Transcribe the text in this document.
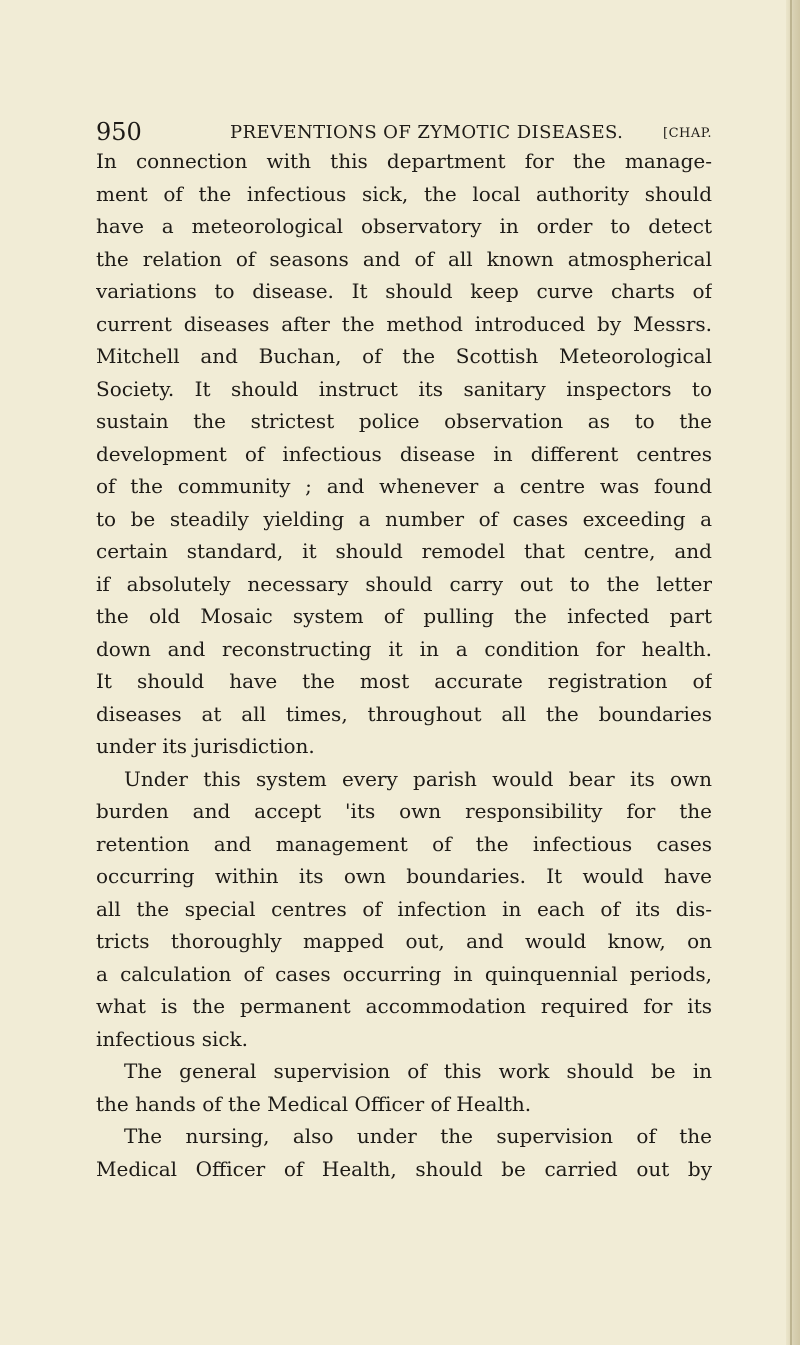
950	PREVENTIONS OF ZYMOTIC DISEASES.	[CHAP.
In connection with this department for the manage-
ment of the infectious sick, the local authority should
have a meteorological observatory in order to detect
the relation of seasons and of all known atmospherical
variations to disease. It should keep curve charts of
current diseases after the method introduced by Messrs.
Mitchell and Buchan, of the Scottish Meteorological
Society. It should instruct its sanitary inspectors to
sustain the strictest police observation as to the
development of infectious disease in different centres
of the community ; and whenever a centre was found
to be steadily yielding a number of cases exceeding a
certain standard, it should remodel that centre, and
if absolutely necessary should carry out to the letter
the old Mosaic system of pulling the infected part
down and reconstructing it in a condition for health.
It should have the most accurate registration of
diseases at all times, throughout all the boundaries
under its jurisdiction.
Under this system every parish would bear its own
burden and accept 'its own responsibility for the
retention and management of the infectious cases
occurring within its own boundaries. It would have
all the special centres of infection in each of its dis-
tricts thoroughly mapped out, and would know, on
a calculation of cases occurring in quinquennial periods,
what is the permanent accommodation required for its
infectious sick.
The general supervision of this work should be in
the hands of the Medical Officer of Health.
The nursing, also under the supervision of the
Medical Officer of Health, should be carried out by
